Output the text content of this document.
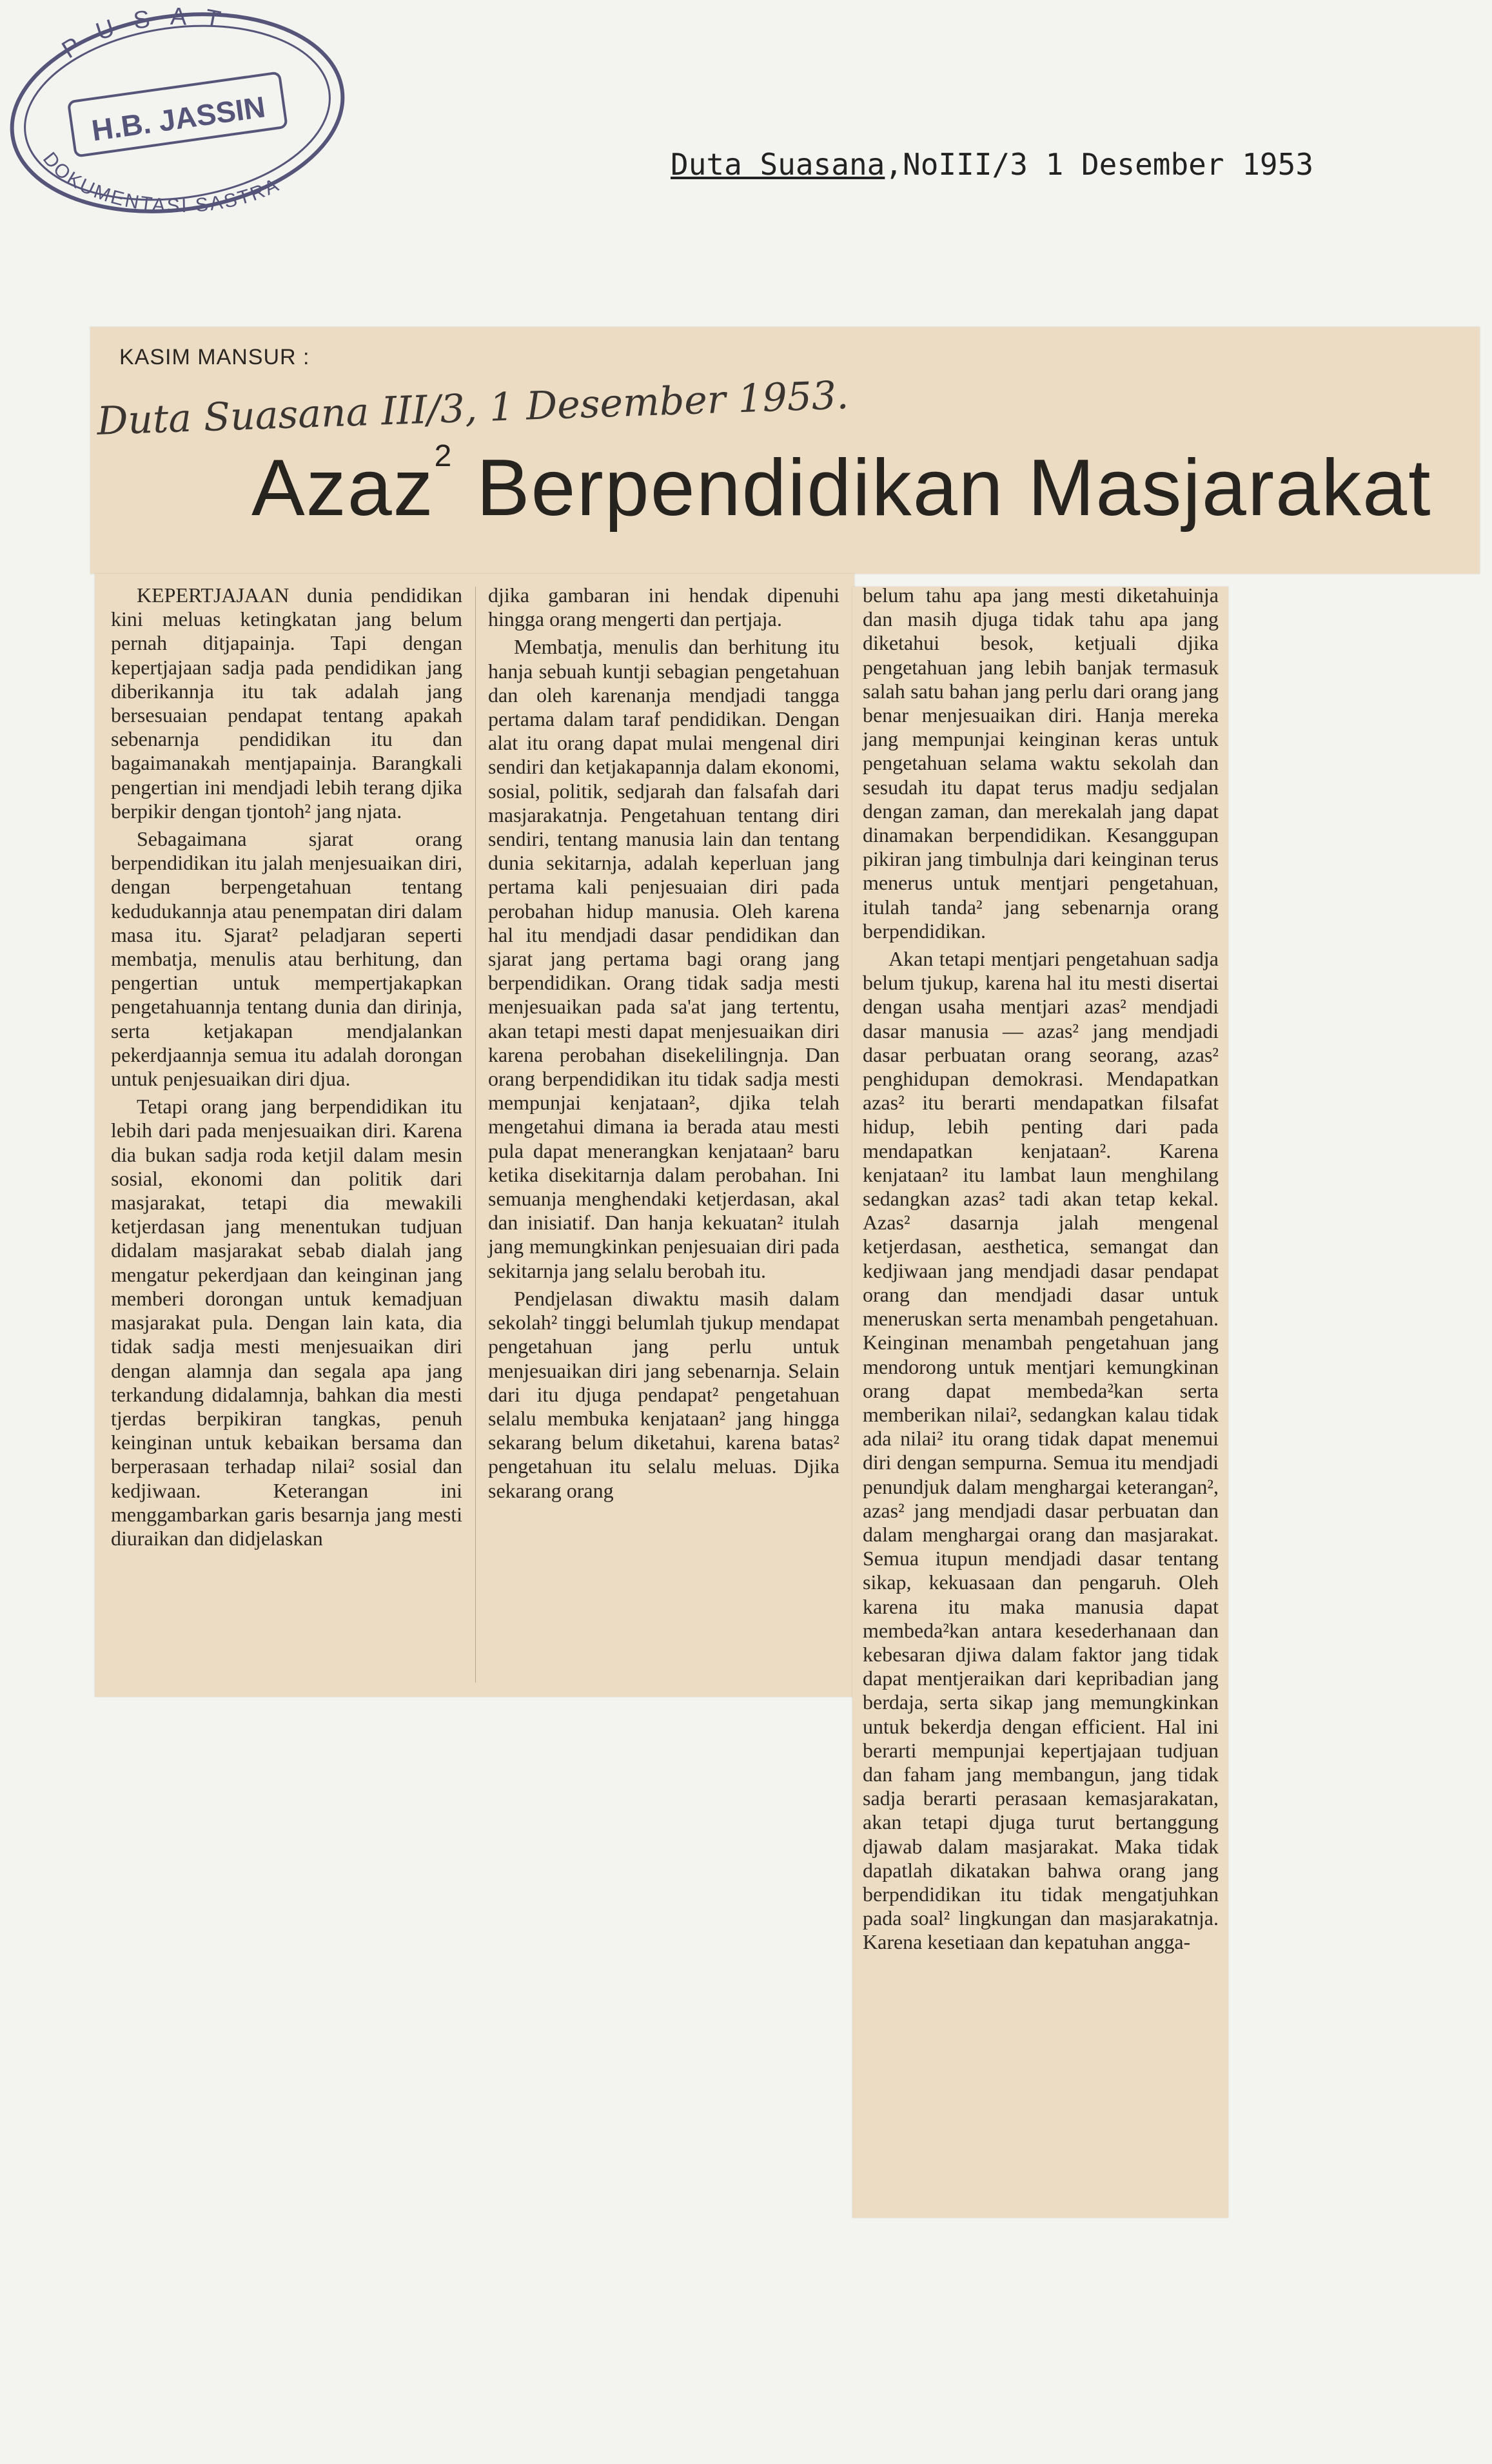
PUSAT
H.B. JASSIN
DOKUMENTASI SASTRA
Duta Suasana,NoIII/3 1 Desember 1953
KASIM MANSUR :
Duta Suasana III/3, 1 Desember 1953.
Azaz$^2$ Berpendidikan Masjarakat

KEPERTJAJAAN dunia pendidikan kini meluas ketingkatan jang belum pernah ditjapainja. Tapi dengan kepertjajaan sadja pada pendidikan jang diberikannja itu tak adalah jang bersesuaian pendapat tentang apakah sebenarnja pendidikan itu dan bagaimanakah mentjapainja. Barangkali pengertian ini mendjadi lebih terang djika berpikir dengan tjontoh² jang njata.

Sebagaimana sjarat orang berpendidikan itu jalah menjesuaikan diri, dengan berpengetahuan tentang kedudukannja atau penempatan diri dalam masa itu. Sjarat² peladjaran seperti membatja, menulis atau berhitung, dan pengertian untuk mempertjakapkan pengetahuannja tentang dunia dan dirinja, serta ketjakapan mendjalankan pekerdjaannja semua itu adalah dorongan untuk penjesuaikan diri djua.

Tetapi orang jang berpendidikan itu lebih dari pada menjesuaikan diri. Karena dia bukan sadja roda ketjil dalam mesin sosial, ekonomi dan politik dari masjarakat, tetapi dia mewakili ketjerdasan jang menentukan tudjuan didalam masjarakat sebab dialah jang mengatur pekerdjaan dan keinginan jang memberi dorongan untuk kemadjuan masjarakat pula. Dengan lain kata, dia tidak sadja mesti menjesuaikan diri dengan alamnja dan segala apa jang terkandung didalamnja, bahkan dia mesti tjerdas berpikiran tangkas, penuh keinginan untuk kebaikan bersama dan berperasaan terhadap nilai² sosial dan kedjiwaan. Keterangan ini menggambarkan garis besarnja jang mesti diuraikan dan didjelaskan

djika gambaran ini hendak dipenuhi hingga orang mengerti dan pertjaja.

Membatja, menulis dan berhitung itu hanja sebuah kuntji sebagian pengetahuan dan oleh karenanja mendjadi tangga pertama dalam taraf pendidikan. Dengan alat itu orang dapat mulai mengenal diri sendiri dan ketjakapannja dalam ekonomi, sosial, politik, sedjarah dan falsafah dari masjarakatnja. Pengetahuan tentang diri sendiri, tentang manusia lain dan tentang dunia sekitarnja, adalah keperluan jang pertama kali penjesuaian diri pada perobahan hidup manusia. Oleh karena hal itu mendjadi dasar pendidikan dan sjarat jang pertama bagi orang jang berpendidikan. Orang tidak sadja mesti menjesuaikan pada sa'at jang tertentu, akan tetapi mesti dapat menjesuaikan diri karena perobahan disekelilingnja. Dan orang berpendidikan itu tidak sadja mesti mempunjai kenjataan², djika telah mengetahui dimana ia berada atau mesti pula dapat menerangkan kenjataan² baru ketika disekitarnja dalam perobahan. Ini semuanja menghendaki ketjerdasan, akal dan inisiatif. Dan hanja kekuatan² itulah jang memungkinkan penjesuaian diri pada sekitarnja jang selalu berobah itu.

Pendjelasan diwaktu masih dalam sekolah² tinggi belumlah tjukup mendapat pengetahuan jang perlu untuk menjesuaikan diri jang sebenarnja. Selain dari itu djuga pendapat² pengetahuan selalu membuka kenjataan² jang hingga sekarang belum diketahui, karena batas² pengetahuan itu selalu meluas. Djika sekarang orang

belum tahu apa jang mesti diketahuinja dan masih djuga tidak tahu apa jang diketahui besok, ketjuali djika pengetahuan jang lebih banjak termasuk salah satu bahan jang perlu dari orang jang benar menjesuaikan diri. Hanja mereka jang mempunjai keinginan keras untuk pengetahuan selama waktu sekolah dan sesudah itu dapat terus madju sedjalan dengan zaman, dan merekalah jang dapat dinamakan berpendidikan. Kesanggupan pikiran jang timbulnja dari keinginan terus menerus untuk mentjari pengetahuan, itulah tanda² jang sebenarnja orang berpendidikan.

Akan tetapi mentjari pengetahuan sadja belum tjukup, karena hal itu mesti disertai dengan usaha mentjari azas² mendjadi dasar manusia — azas² jang mendjadi dasar perbuatan orang seorang, azas² penghidupan demokrasi. Mendapatkan azas² itu berarti mendapatkan filsafat hidup, lebih penting dari pada mendapatkan kenjataan². Karena kenjataan² itu lambat laun menghilang sedangkan azas² tadi akan tetap kekal. Azas² dasarnja jalah mengenal ketjerdasan, aesthetica, semangat dan kedjiwaan jang mendjadi dasar pendapat orang dan mendjadi dasar untuk meneruskan serta menambah pengetahuan. Keinginan menambah pengetahuan jang mendorong untuk mentjari kemungkinan orang dapat membeda²kan serta memberikan nilai², sedangkan kalau tidak ada nilai² itu orang tidak dapat menemui diri dengan sempurna. Semua itu mendjadi penundjuk dalam menghargai keterangan², azas² jang mendjadi dasar perbuatan dan dalam menghargai orang dan masjarakat. Semua itupun mendjadi dasar tentang sikap, kekuasaan dan pengaruh. Oleh karena itu maka manusia dapat membeda²kan antara kesederhanaan dan kebesaran djiwa dalam faktor jang tidak dapat mentjeraikan dari kepribadian jang berdaja, serta sikap jang memungkinkan untuk bekerdja dengan efficient. Hal ini berarti mempunjai kepertjajaan tudjuan dan faham jang membangun, jang tidak sadja berarti perasaan kemasjarakatan, akan tetapi djuga turut bertanggung djawab dalam masjarakat. Maka tidak dapatlah dikatakan bahwa orang jang berpendidikan itu tidak mengatjuhkan pada soal² lingkungan dan masjarakatnja. Karena kesetiaan dan kepatuhan angga-
